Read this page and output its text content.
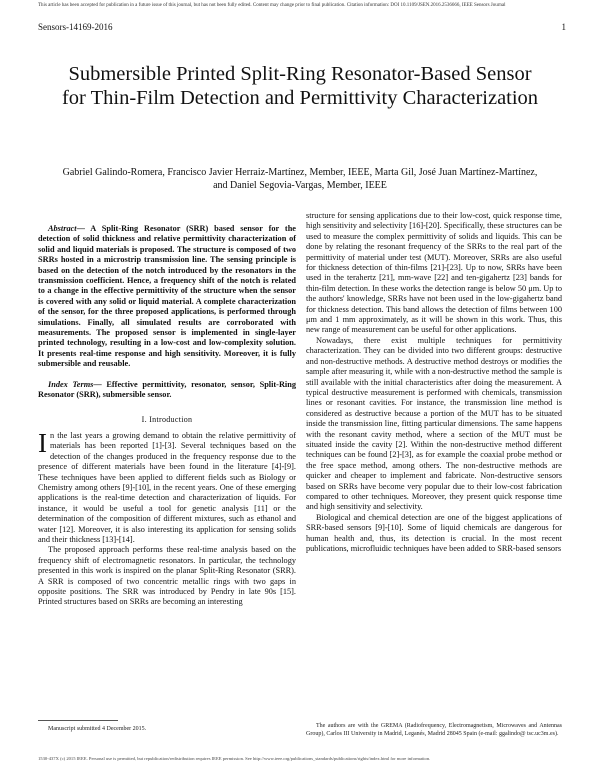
This article has been accepted for publication in a future issue of this journal, but has not been fully edited. Content may change prior to final publication. Citation information: DOI 10.1109/JSEN.2016.2536666, IEEE Sensors Journal
Sensors-14169-2016	1
Submersible Printed Split-Ring Resonator-Based Sensor for Thin-Film Detection and Permittivity Characterization
Gabriel Galindo-Romera, Francisco Javier Herraiz-Martínez, Member, IEEE, Marta Gil, José Juan Martínez-Martínez, and Daniel Segovia-Vargas, Member, IEEE

Abstract— A Split-Ring Resonator (SRR) based sensor for the detection of solid thickness and relative permittivity characterization of solid and liquid materials is proposed. The structure is composed of two SRRs hosted in a microstrip transmission line. The sensing principle is based on the detection of the notch introduced by the resonators in the transmission coefficient. Hence, a frequency shift of the notch is related to a change in the effective permittivity of the structure when the sensor is covered with any solid or liquid material. A complete characterization of the sensor, for the three proposed applications, is performed through simulations. Finally, all simulated results are corroborated with measurements. The proposed sensor is implemented in single-layer printed technology, resulting in a low-cost and low-complexity solution. It presents real-time response and high sensitivity. Moreover, it is fully submersible and reusable.

Index Terms— Effective permittivity, resonator, sensor, Split-Ring Resonator (SRR), submersible sensor.

I. Introduction

In the last years a growing demand to obtain the relative permittivity of materials has been reported [1]-[3]. Several techniques based on the detection of the changes produced in the frequency response due to the presence of different materials have been found in the literature [4]-[9]. These techniques have been applied to different fields such as Biology or Chemistry among others [9]-[10], in the recent years. One of these emerging applications is the real-time detection and characterization of liquids. For instance, it would be useful a tool for genetic analysis [11] or the determination of the composition of different mixtures, such as ethanol and water [12]. Moreover, it is also interesting its application for sensing solids and their thickness [13]-[14].

The proposed approach performs these real-time analysis based on the frequency shift of electromagnetic resonators. In particular, the technology presented in this work is inspired on the planar Split-Ring Resonator (SRR). A SRR is composed of two concentric metallic rings with two gaps in opposite positions. The SRR was introduced by Pendry in late 90s [15]. Printed structures based on SRRs are becoming an interesting

structure for sensing applications due to their low-cost, quick response time, high sensitivity and selectivity [16]-[20]. Specifically, these structures can be used to measure the complex permittivity of solids and liquids. This can be done by relating the resonant frequency of the SRRs to the real part of the permittivity of material under test (MUT). Moreover, SRRs are also useful for thickness detection of thin-films [21]-[23]. Up to now, SRRs have been used in the terahertz [21], mm-wave [22] and ten-gigahertz [23] bands for thin-film detection. In these works the detection range is below 50 μm. Up to the authors' knowledge, SRRs have not been used in the low-gigahertz band for thickness detection. This band allows the detection of films between 100 μm and 1 mm approximately, as it will be shown in this work. Thus, this new range of measurement can be useful for other applications.

Nowadays, there exist multiple techniques for permittivity characterization. They can be divided into two different groups: destructive and non-destructive methods. A destructive method destroys or modifies the sample after measuring it, while with a non-destructive method the sample is still available with the initial characteristics after doing the measurement. A typical destructive measurement is performed with chemicals, transmission lines or resonant cavities. For instance, the transmission line method is considered as destructive because a portion of the MUT has to be situated inside the transmission line, fitting particular dimensions. The same happens with the resonant cavity method, where a section of the MUT must be situated inside the cavity [2]. Within the non-destructive method different techniques can be found [2]-[3], as for example the coaxial probe method or the free space method, among others. The non-destructive methods are quicker and cheaper to implement and fabricate. Non-destructive sensors based on SRRs have become very popular due to their low-cost fabrication compared to other techniques. Moreover, they present quick response time and high sensitivity and selectivity.

Biological and chemical detection are one of the biggest applications of SRR-based sensors [9]-[10]. Some of liquid chemicals are dangerous for human health and, thus, its detection is crucial. In the most recent publications, microfluidic techniques have been added to SRR-based sensors

Manuscript submitted 4 December 2015.	The authors are with the GREMA (Radiofrequency, Electromagnetism, Microwaves and Antennas Group), Carlos III University in Madrid, Leganés, Madrid 28045 Spain (e-mail: ggalindo@ tsc.uc3m.es).
1530-437X (c) 2015 IEEE. Personal use is permitted, but republication/redistribution requires IEEE permission. See http://www.ieee.org/publications_standards/publications/rights/index.html for more information.
